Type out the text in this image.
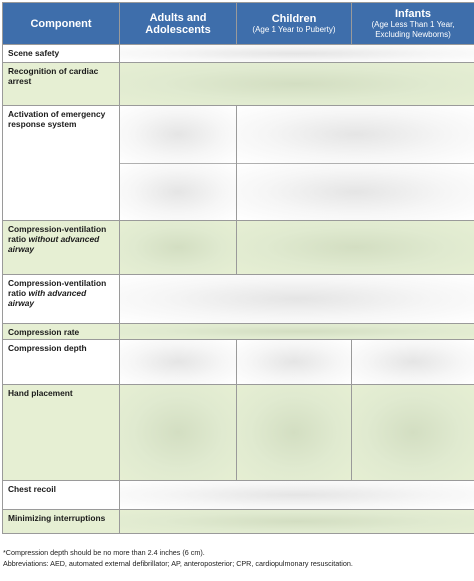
Component	Adults and
Adolescents
Children
(Age 1 Year to Puberty)
Infants
(Age Less Than 1 Year,
Excluding Newborns)
Scene safety
Recognition of cardiac arrest
Activation of emergency response system
Compression-ventilation ratio without advanced airway
Compression-ventilation ratio with advanced airway
Compression rate
Compression depth
Hand placement
Chest recoil
Minimizing interruptions
*Compression depth should be no more than 2.4 inches (6 cm).
Abbreviations: AED, automated external defibrillator; AP, anteroposterior; CPR, cardiopulmonary resuscitation.
